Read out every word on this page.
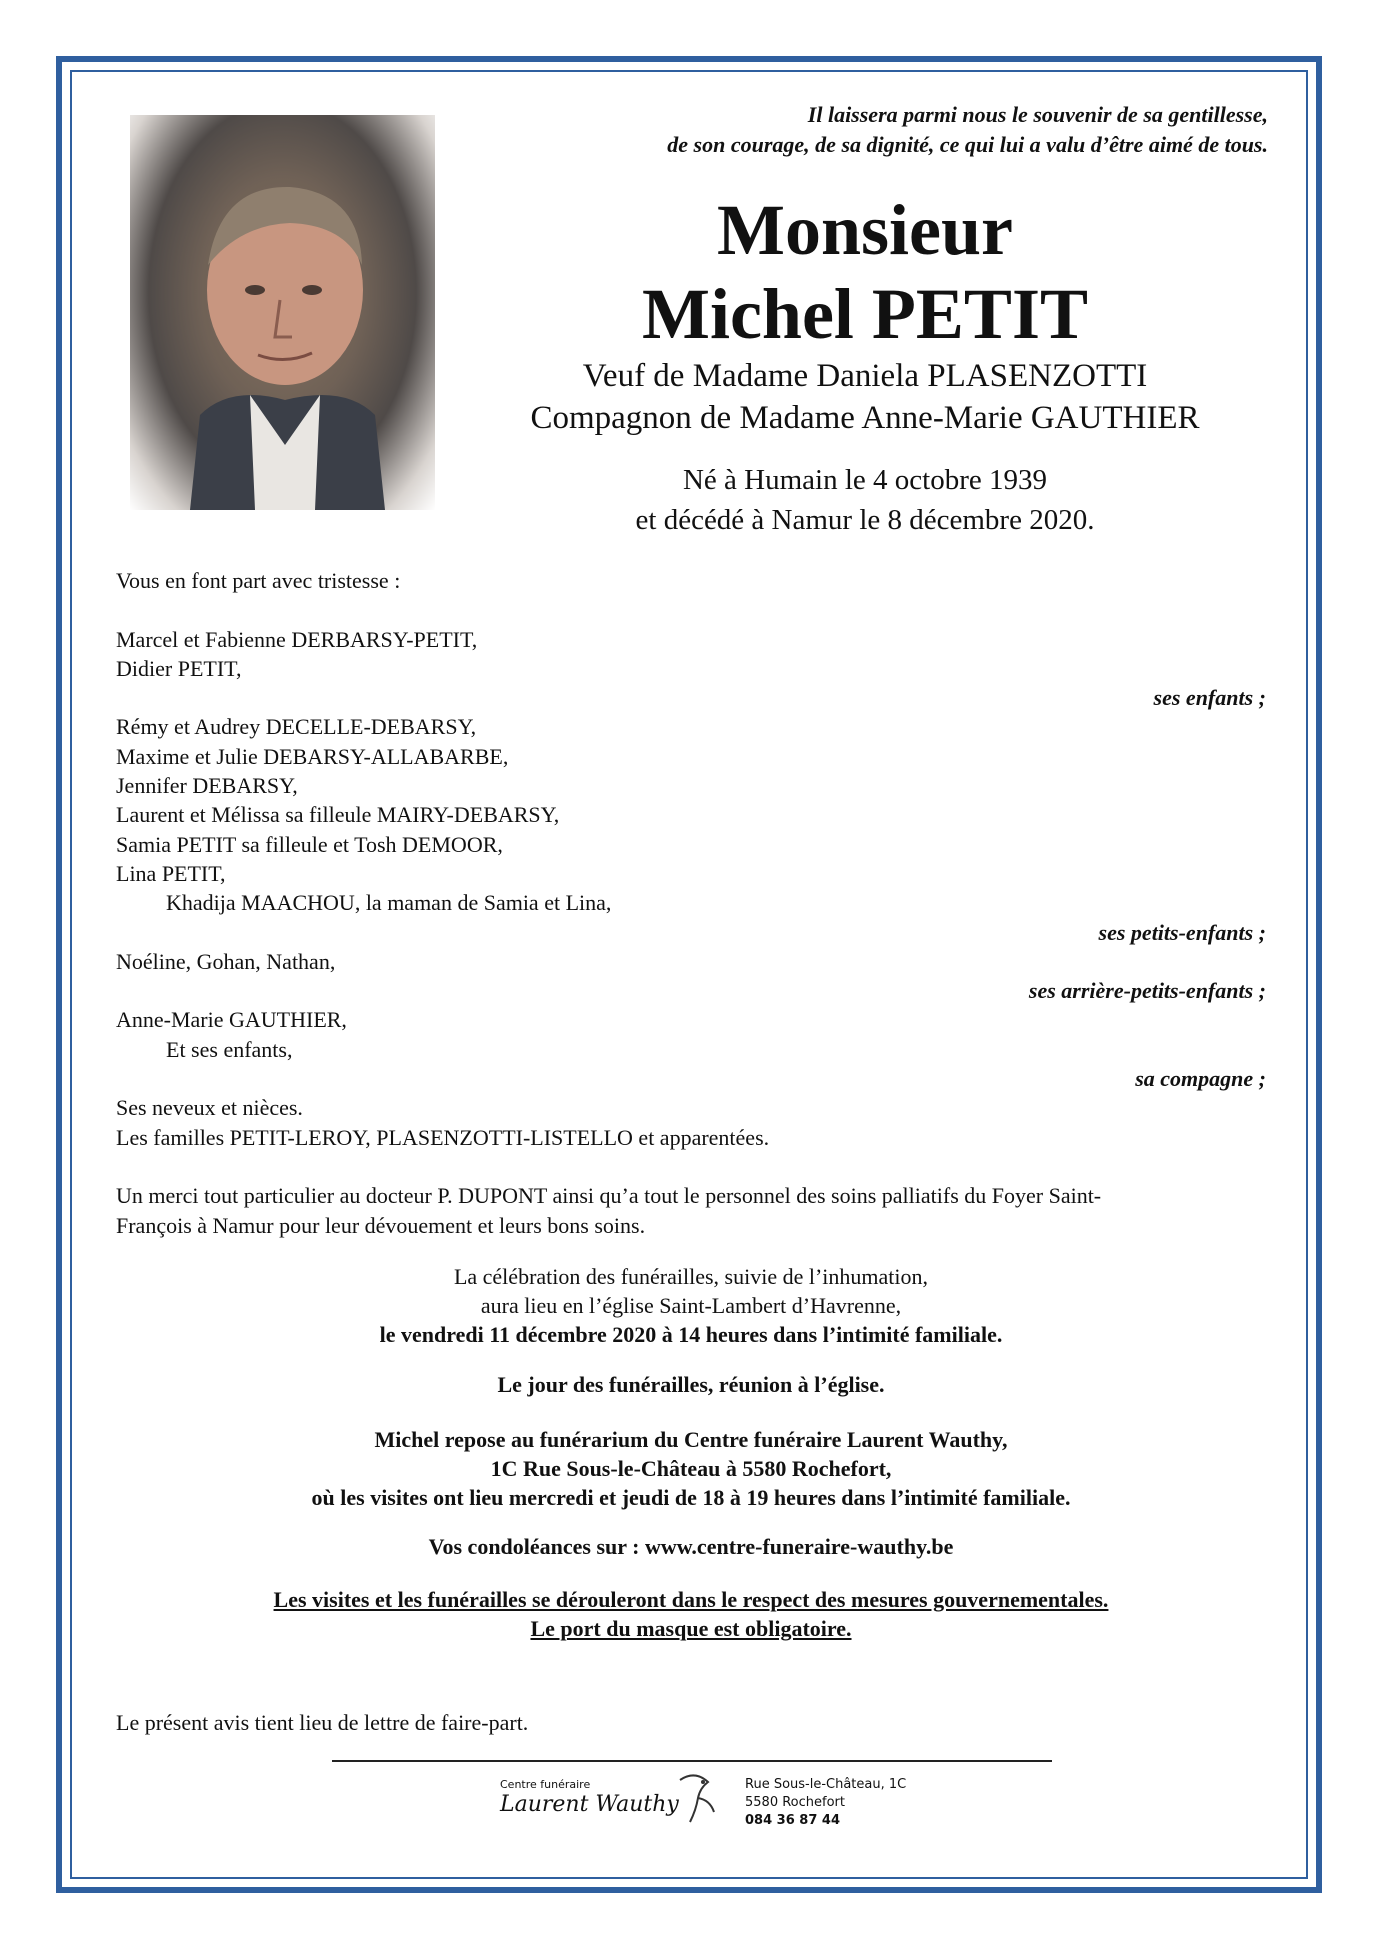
Il laissera parmi nous le souvenir de sa gentillesse,
de son courage, de sa dignité, ce qui lui a valu d’être aimé de tous.
Monsieur
Michel PETIT
Veuf de Madame Daniela PLASENZOTTI
Compagnon de Madame Anne-Marie GAUTHIER
Né à Humain le 4 octobre 1939
et décédé à Namur le 8 décembre 2020.
Vous en font part avec tristesse :
Marcel et Fabienne DERBARSY-PETIT,
Didier PETIT,
ses enfants ;
Rémy et Audrey DECELLE-DEBARSY,
Maxime et Julie DEBARSY-ALLABARBE,
Jennifer DEBARSY,
Laurent et Mélissa sa filleule MAIRY-DEBARSY,
Samia PETIT sa filleule et Tosh DEMOOR,
Lina PETIT,
Khadija MAACHOU, la maman de Samia et Lina,
ses petits-enfants ;
Noéline, Gohan, Nathan,
ses arrière-petits-enfants ;
Anne-Marie GAUTHIER,
Et ses enfants,
sa compagne ;
Ses neveux et nièces.
Les familles PETIT-LEROY, PLASENZOTTI-LISTELLO et apparentées.
Un merci tout particulier au docteur P. DUPONT ainsi qu’a tout le personnel des soins palliatifs du Foyer Saint-
François à Namur pour leur dévouement et leurs bons soins.
La célébration des funérailles, suivie de l’inhumation,
aura lieu en l’église Saint-Lambert d’Havrenne,
le vendredi 11 décembre 2020 à 14 heures dans l’intimité familiale.
Le jour des funérailles, réunion à l’église.
Michel repose au funérarium du Centre funéraire Laurent Wauthy,
1C Rue Sous-le-Château à 5580 Rochefort,
où les visites ont lieu mercredi et jeudi de 18 à 19 heures dans l’intimité familiale.
Vos condoléances sur : www.centre-funeraire-wauthy.be
Les visites et les funérailles se dérouleront dans le respect des mesures gouvernementales.
Le port du masque est obligatoire.
Le présent avis tient lieu de lettre de faire-part.
Centre funéraire
Laurent Wauthy
Rue Sous-le-Château, 1C
5580 Rochefort
084 36 87 44
